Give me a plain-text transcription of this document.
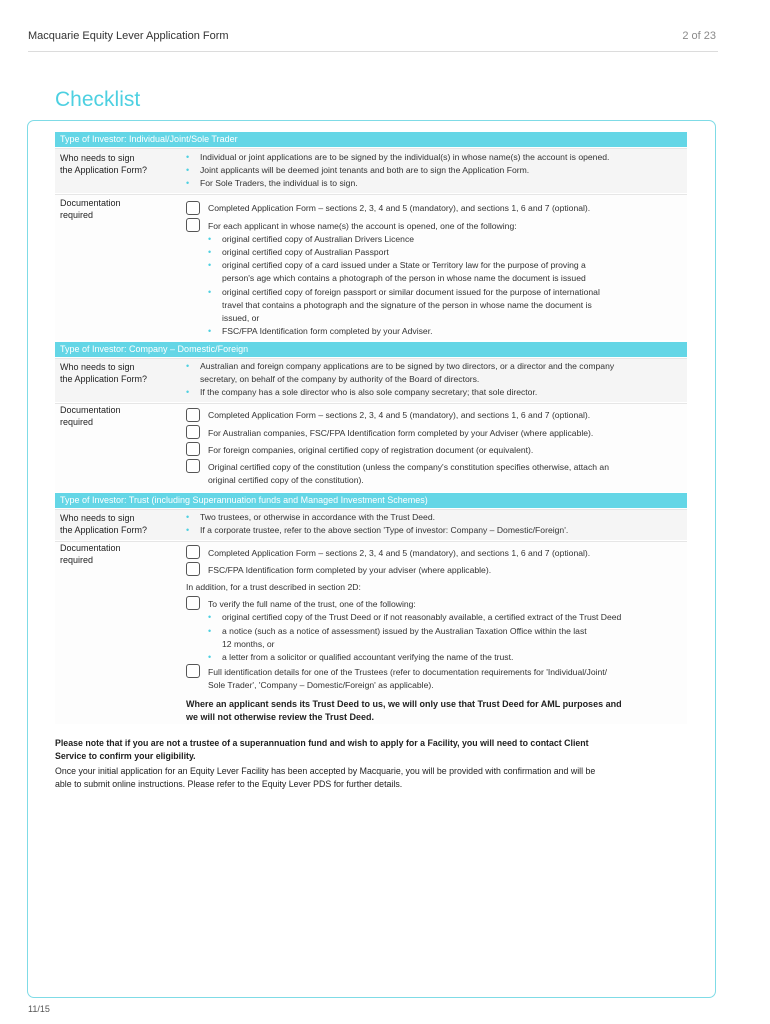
Macquarie Equity Lever Application Form	2 of 23
Checklist
Type of Investor: Individual/Joint/Sole Trader
Who needs to sign
the Application Form?
• Individual or joint applications are to be signed by the individual(s) in whose name(s) the account is opened.
• Joint applicants will be deemed joint tenants and both are to sign the Application Form.
• For Sole Traders, the individual is to sign.
Documentation
required
Completed Application Form – sections 2, 3, 4 and 5 (mandatory), and sections 1, 6 and 7 (optional).
For each applicant in whose name(s) the account is opened, one of the following:
• original certified copy of Australian Drivers Licence
• original certified copy of Australian Passport
• original certified copy of a card issued under a State or Territory law for the purpose of proving a
person's age which contains a photograph of the person in whose name the document is issued
• original certified copy of foreign passport or similar document issued for the purpose of international
travel that contains a photograph and the signature of the person in whose name the document is
issued, or
• FSC/FPA Identification form completed by your Adviser.
Type of Investor: Company – Domestic/Foreign
Who needs to sign
the Application Form?
• Australian and foreign company applications are to be signed by two directors, or a director and the company
secretary, on behalf of the company by authority of the Board of directors.
• If the company has a sole director who is also sole company secretary; that sole director.
Documentation
required
Completed Application Form – sections 2, 3, 4 and 5 (mandatory), and sections 1, 6 and 7 (optional).
For Australian companies, FSC/FPA Identification form completed by your Adviser (where applicable).
For foreign companies, original certified copy of registration document (or equivalent).
Original certified copy of the constitution (unless the company's constitution specifies otherwise, attach an
original certified copy of the constitution).
Type of Investor: Trust (including Superannuation funds and Managed Investment Schemes)
Who needs to sign
the Application Form?
• Two trustees, or otherwise in accordance with the Trust Deed.
• If a corporate trustee, refer to the above section 'Type of investor: Company – Domestic/Foreign'.
Documentation
required
Completed Application Form – sections 2, 3, 4 and 5 (mandatory), and sections 1, 6 and 7 (optional).
FSC/FPA Identification form completed by your adviser (where applicable).
In addition, for a trust described in section 2D:
To verify the full name of the trust, one of the following:
• original certified copy of the Trust Deed or if not reasonably available, a certified extract of the Trust Deed
• a notice (such as a notice of assessment) issued by the Australian Taxation Office within the last
12 months, or
• a letter from a solicitor or qualified accountant verifying the name of the trust.
Full identification details for one of the Trustees (refer to documentation requirements for 'Individual/Joint/
Sole Trader', 'Company – Domestic/Foreign' as applicable).
Where an applicant sends its Trust Deed to us, we will only use that Trust Deed for AML purposes and
we will not otherwise review the Trust Deed.
Please note that if you are not a trustee of a superannuation fund and wish to apply for a Facility, you will need to contact Client
Service to confirm your eligibility.
Once your initial application for an Equity Lever Facility has been accepted by Macquarie, you will be provided with confirmation and will be
able to submit online instructions. Please refer to the Equity Lever PDS for further details.
11/15
